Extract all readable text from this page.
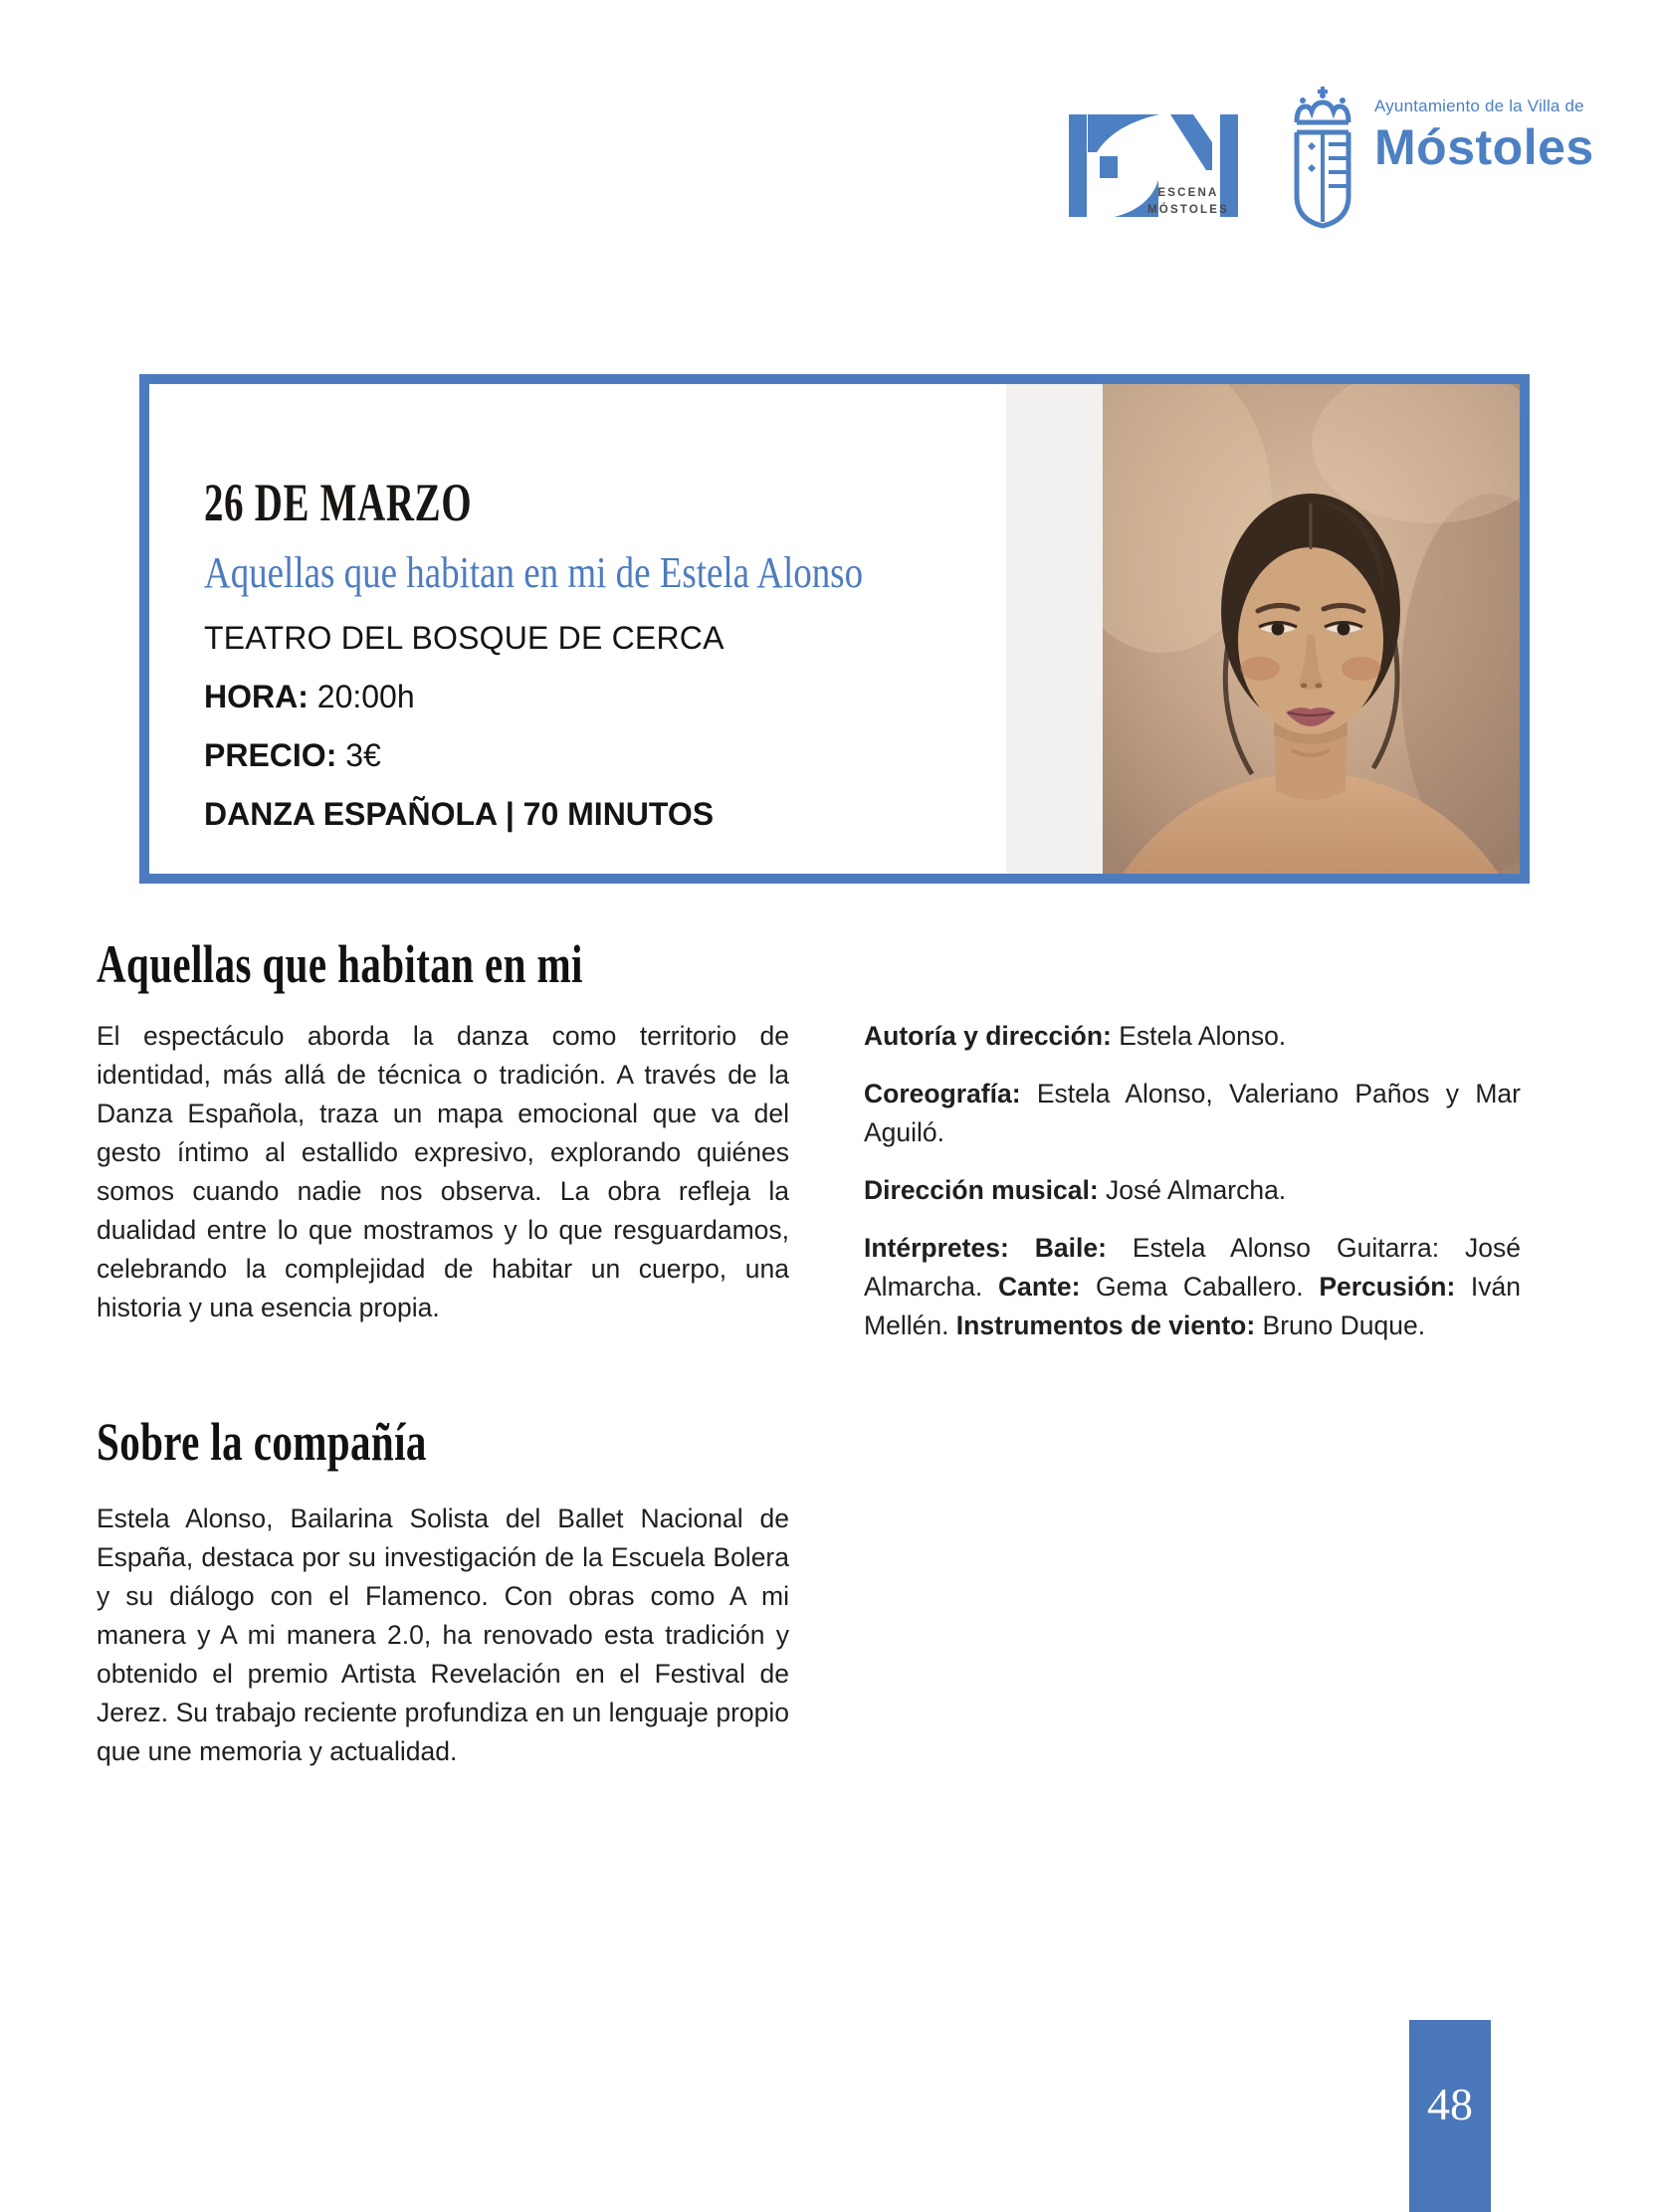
ESCENA
MÓSTOLES
Ayuntamiento de la Villa de
Móstoles
26 DE MARZO
Aquellas que habitan en mi de Estela Alonso
TEATRO DEL BOSQUE DE CERCA
HORA: 20:00h
PRECIO: 3€
DANZA ESPAÑOLA | 70 MINUTOS
Aquellas que habitan en mi

El espectáculo aborda la danza como territorio de identidad, más allá de técnica o tradición. A través de la Danza Española, traza un mapa emocional que va del gesto íntimo al estallido expresivo, explorando quiénes somos cuando nadie nos observa. La obra refleja la dualidad entre lo que mostramos y lo que resguardamos, celebrando la complejidad de habitar un cuerpo, una historia y una esencia propia.

Autoría y dirección: Estela Alonso.

Coreografía: Estela Alonso, Valeriano Paños y Mar Aguiló.

Dirección musical: José Almarcha.

Intérpretes: Baile: Estela Alonso Guitarra: José Almarcha. Cante: Gema Caballero. Percusión: Iván Mellén. Instrumentos de viento: Bruno Duque.

Sobre la compañía

Estela Alonso, Bailarina Solista del Ballet Nacional de España, destaca por su investigación de la Escuela Bolera y su diálogo con el Flamenco. Con obras como A mi manera y A mi manera 2.0, ha renovado esta tradición y obtenido el premio Artista Revelación en el Festival de Jerez. Su trabajo reciente profundiza en un lenguaje propio que une memoria y actualidad.

48
